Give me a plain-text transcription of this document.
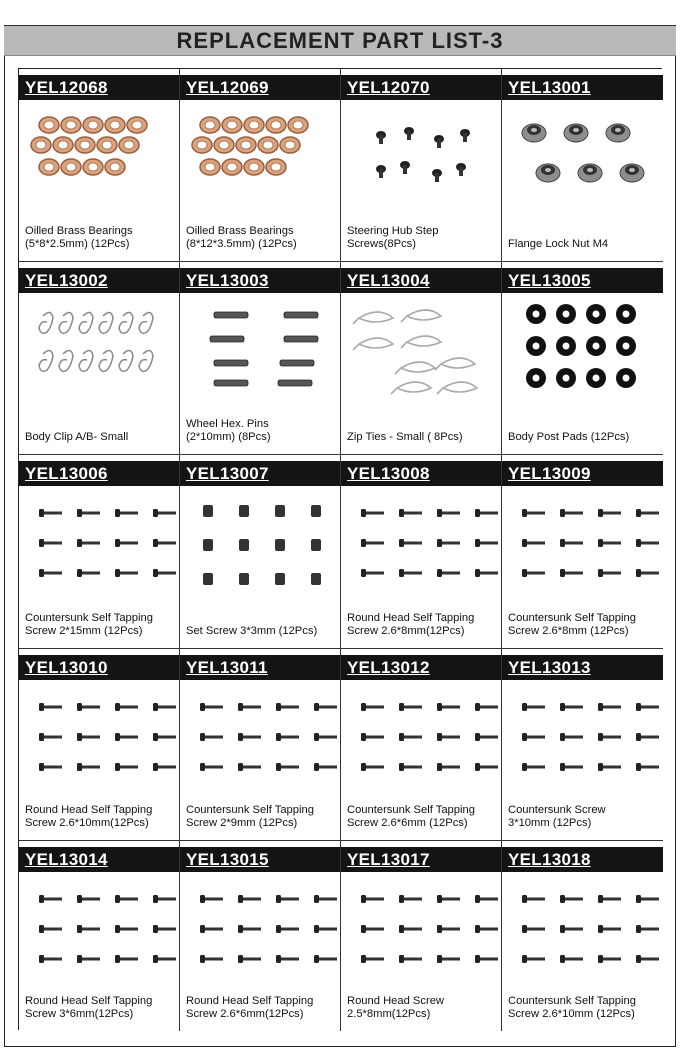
REPLACEMENT PART LIST-3
YEL12068
Oilled Brass Bearings
(5*8*2.5mm) (12Pcs)
YEL12069
Oilled Brass Bearings
(8*12*3.5mm) (12Pcs)
YEL12070
Steering Hub Step
Screws(8Pcs)
YEL13001
Flange Lock Nut M4
YEL13002
Body Clip A/B- Small
YEL13003
Wheel Hex. Pins
(2*10mm) (8Pcs)
YEL13004
Zip Ties - Small ( 8Pcs)
YEL13005
Body Post Pads (12Pcs)
YEL13006
Countersunk Self Tapping
Screw 2*15mm (12Pcs)
YEL13007
Set Screw 3*3mm (12Pcs)
YEL13008
Round Head Self Tapping
Screw 2.6*8mm(12Pcs)
YEL13009
Countersunk Self Tapping
Screw 2.6*8mm (12Pcs)
YEL13010
Round Head Self Tapping
Screw 2.6*10mm(12Pcs)
YEL13011
Countersunk Self Tapping
Screw 2*9mm (12Pcs)
YEL13012
Countersunk Self Tapping
Screw 2.6*6mm (12Pcs)
YEL13013
Countersunk Screw
3*10mm (12Pcs)
YEL13014
Round Head Self Tapping
Screw 3*6mm(12Pcs)
YEL13015
Round Head Self Tapping
Screw 2.6*6mm(12Pcs)
YEL13017
Round Head Screw
2.5*8mm(12Pcs)
YEL13018
Countersunk Self Tapping
Screw 2.6*10mm (12Pcs)
